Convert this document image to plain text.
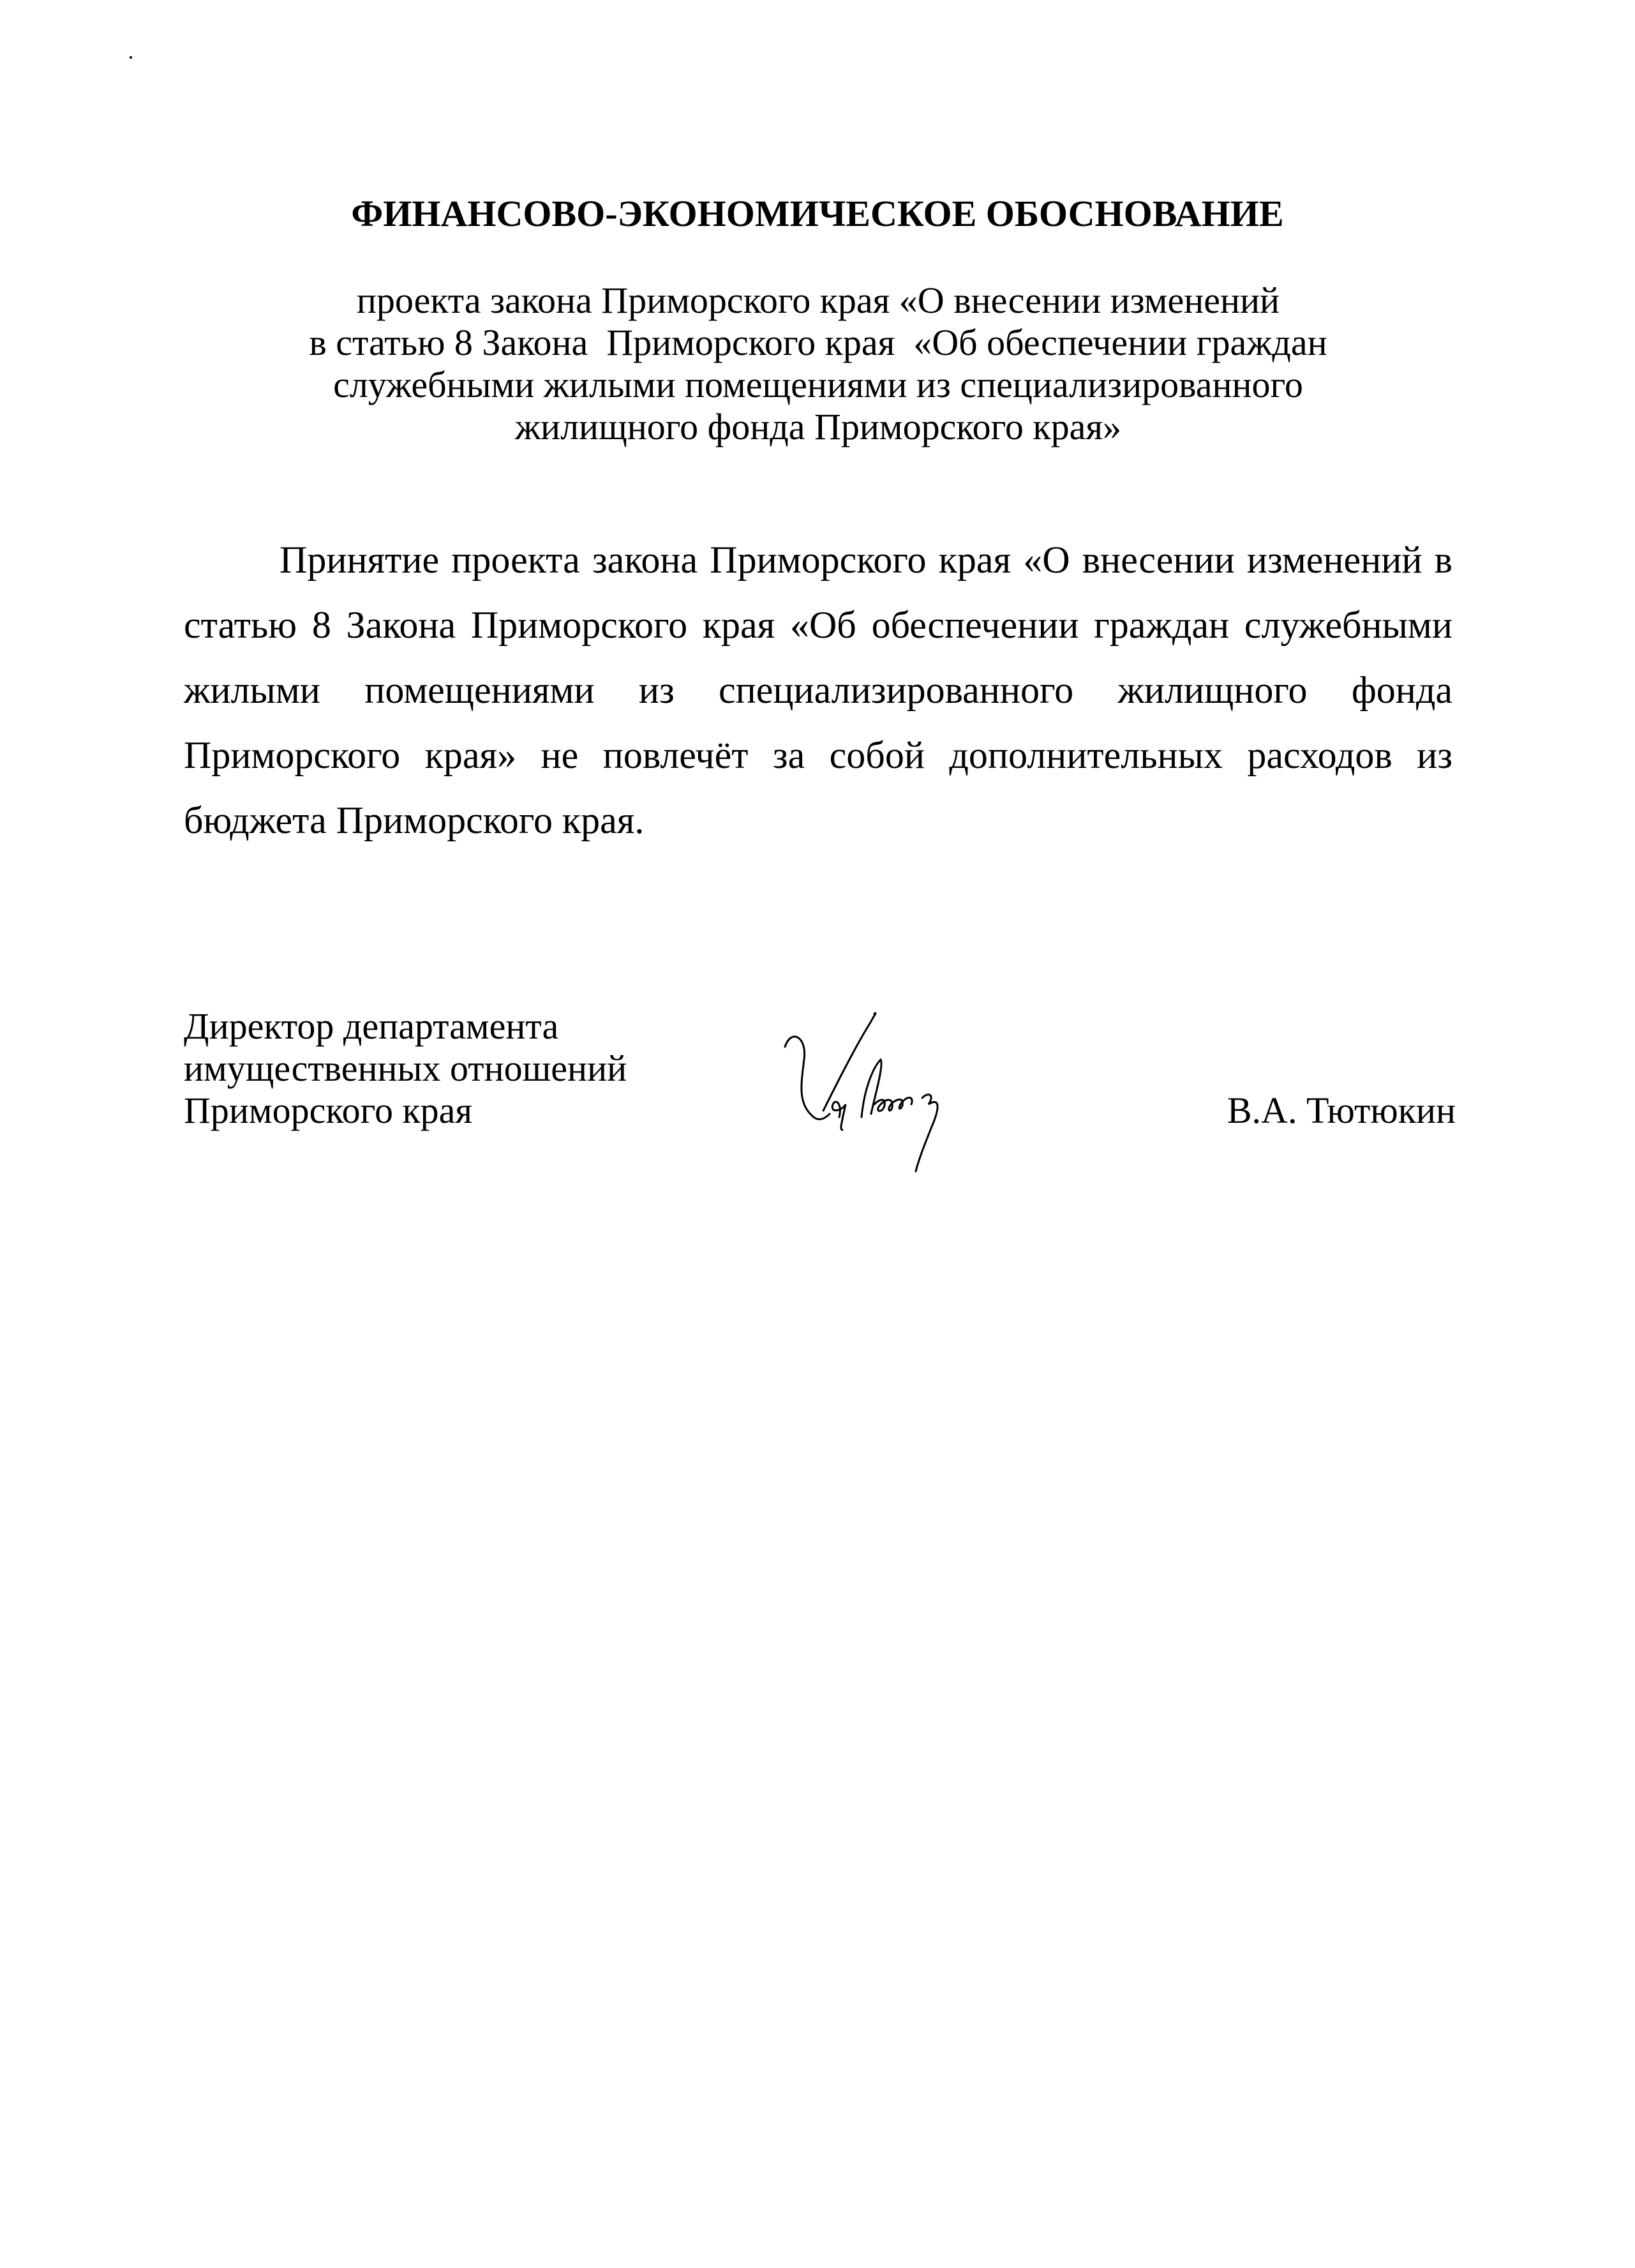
ФИНАНСОВО-ЭКОНОМИЧЕСКОЕ ОБОСНОВАНИЕ
проекта закона Приморского края «О внесении изменений
в статью 8 Закона  Приморского края  «Об обеспечении граждан
служебными жилыми помещениями из специализированного
жилищного фонда Приморского края»
Принятие проекта закона Приморского края «О внесении изменений в статью 8 Закона Приморского края «Об обеспечении граждан служебными жилыми помещениями из специализированного жилищного фонда Приморского края» не повлечёт за собой дополнительных расходов из бюджета Приморского края.
Директор департамента
имущественных отношений
Приморского края	В.А. Тютюкин
